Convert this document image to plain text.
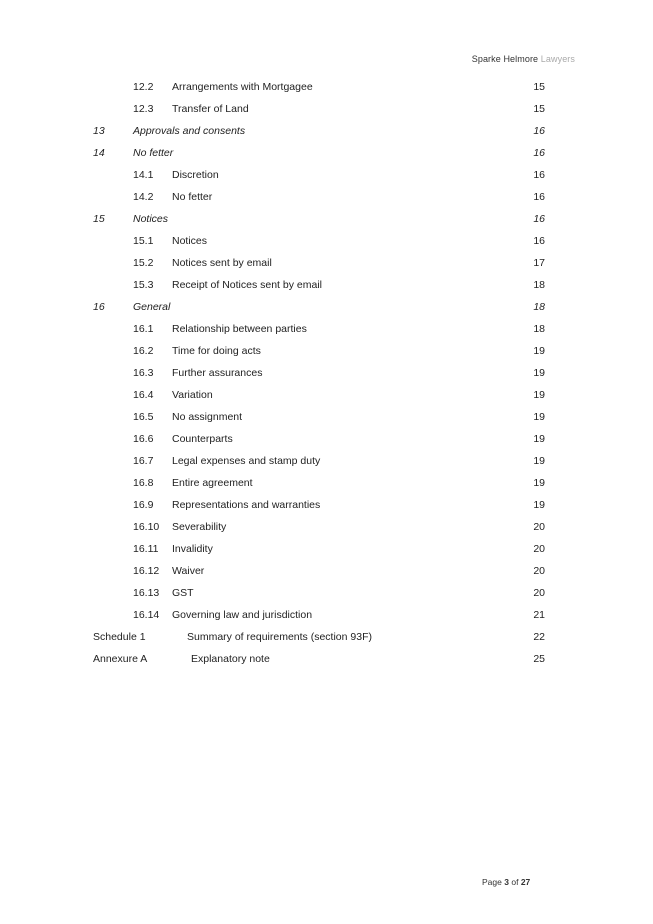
Sparke Helmore Lawyers
12.2 Arrangements with Mortgagee	15
12.3 Transfer of Land	15
13	Approvals and consents	16
14	No fetter	16
14.1 Discretion	16
14.2 No fetter	16
15	Notices	16
15.1 Notices	16
15.2 Notices sent by email	17
15.3 Receipt of Notices sent by email	18
16	General	18
16.1 Relationship between parties	18
16.2 Time for doing acts	19
16.3 Further assurances	19
16.4 Variation	19
16.5 No assignment	19
16.6 Counterparts	19
16.7 Legal expenses and stamp duty	19
16.8 Entire agreement	19
16.9 Representations and warranties	19
16.10 Severability	20
16.11 Invalidity	20
16.12 Waiver	20
16.13 GST	20
16.14 Governing law and jurisdiction	21
Schedule 1	Summary of requirements (section 93F)	22
Annexure A	Explanatory note	25
Page 3 of 27
